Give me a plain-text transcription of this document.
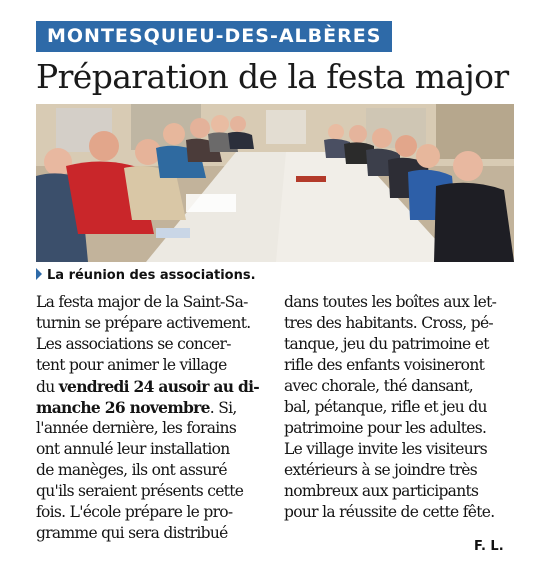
MONTESQUIEU-DES-ALBÈRES
Préparation de la festa major
La réunion des associations.
La festa major de la Saint-Sa-
turnin se prépare activement.
Les associations se concer-
tent pour animer le village
du vendredi 24 ausoir au di-
manche 26 novembre. Si,
l'année dernière, les forains
ont annulé leur installation
de manèges, ils ont assuré
qu'ils seraient présents cette
fois. L'école prépare le pro-
gramme qui sera distribué
dans toutes les boîtes aux let-
tres des habitants. Cross, pé-
tanque, jeu du patrimoine et
rifle des enfants voisineront
avec chorale, thé dansant,
bal, pétanque, rifle et jeu du
patrimoine pour les adultes.
Le village invite les visiteurs
extérieurs à se joindre très
nombreux aux participants
pour la réussite de cette fête.
F. L.
